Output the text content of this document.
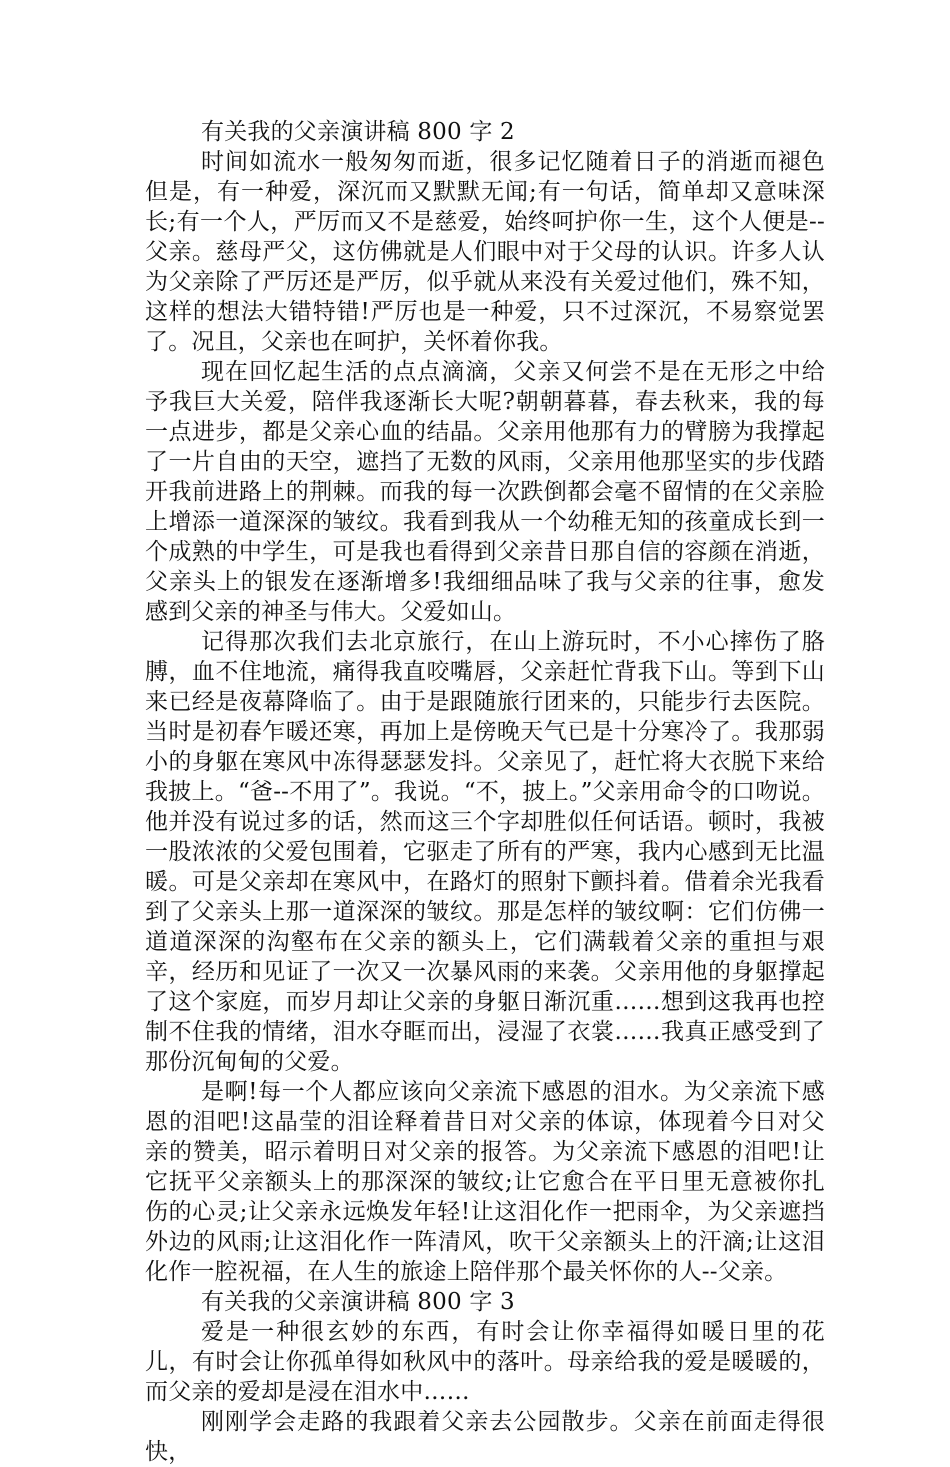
有关我的父亲演讲稿 800 字 2

时间如流水一般匆匆而逝，很多记忆随着日子的消逝而褪色但是，有一种爱，深沉而又默默无闻;有一句话，简单却又意味深长;有一个人，严厉而又不是慈爱，始终呵护你一生，这个人便是--父亲。慈母严父，这仿佛就是人们眼中对于父母的认识。许多人认为父亲除了严厉还是严厉，似乎就从来没有关爱过他们，殊不知，这样的想法大错特错!严厉也是一种爱，只不过深沉，不易察觉罢了。况且，父亲也在呵护，关怀着你我。

现在回忆起生活的点点滴滴，父亲又何尝不是在无形之中给予我巨大关爱，陪伴我逐渐长大呢?朝朝暮暮，春去秋来，我的每一点进步，都是父亲心血的结晶。父亲用他那有力的臂膀为我撑起了一片自由的天空，遮挡了无数的风雨，父亲用他那坚实的步伐踏开我前进路上的荆棘。而我的每一次跌倒都会毫不留情的在父亲脸上增添一道深深的皱纹。我看到我从一个幼稚无知的孩童成长到一个成熟的中学生，可是我也看得到父亲昔日那自信的容颜在消逝，父亲头上的银发在逐渐增多!我细细品味了我与父亲的往事，愈发感到父亲的神圣与伟大。父爱如山。

记得那次我们去北京旅行，在山上游玩时，不小心摔伤了胳膊，血不住地流，痛得我直咬嘴唇，父亲赶忙背我下山。等到下山来已经是夜幕降临了。由于是跟随旅行团来的，只能步行去医院。当时是初春乍暖还寒，再加上是傍晚天气已是十分寒冷了。我那弱小的身躯在寒风中冻得瑟瑟发抖。父亲见了，赶忙将大衣脱下来给我披上。“爸--不用了”。我说。“不，披上。”父亲用命令的口吻说。他并没有说过多的话，然而这三个字却胜似任何话语。顿时，我被一股浓浓的父爱包围着，它驱走了所有的严寒，我内心感到无比温暖。可是父亲却在寒风中，在路灯的照射下颤抖着。借着余光我看到了父亲头上那一道深深的皱纹。那是怎样的皱纹啊：它们仿佛一道道深深的沟壑布在父亲的额头上，它们满载着父亲的重担与艰辛，经历和见证了一次又一次暴风雨的来袭。父亲用他的身躯撑起了这个家庭，而岁月却让父亲的身躯日渐沉重……想到这我再也控制不住我的情绪，泪水夺眶而出，浸湿了衣裳……我真正感受到了那份沉甸甸的父爱。

是啊!每一个人都应该向父亲流下感恩的泪水。为父亲流下感恩的泪吧!这晶莹的泪诠释着昔日对父亲的体谅，体现着今日对父亲的赞美，昭示着明日对父亲的报答。为父亲流下感恩的泪吧!让它抚平父亲额头上的那深深的皱纹;让它愈合在平日里无意被你扎伤的心灵;让父亲永远焕发年轻!让这泪化作一把雨伞，为父亲遮挡外边的风雨;让这泪化作一阵清风，吹干父亲额头上的汗滴;让这泪化作一腔祝福，在人生的旅途上陪伴那个最关怀你的人--父亲。

有关我的父亲演讲稿 800 字 3

爱是一种很玄妙的东西，有时会让你幸福得如暖日里的花儿，有时会让你孤单得如秋风中的落叶。母亲给我的爱是暖暖的，而父亲的爱却是浸在泪水中……

刚刚学会走路的我跟着父亲去公园散步。父亲在前面走得很快，
